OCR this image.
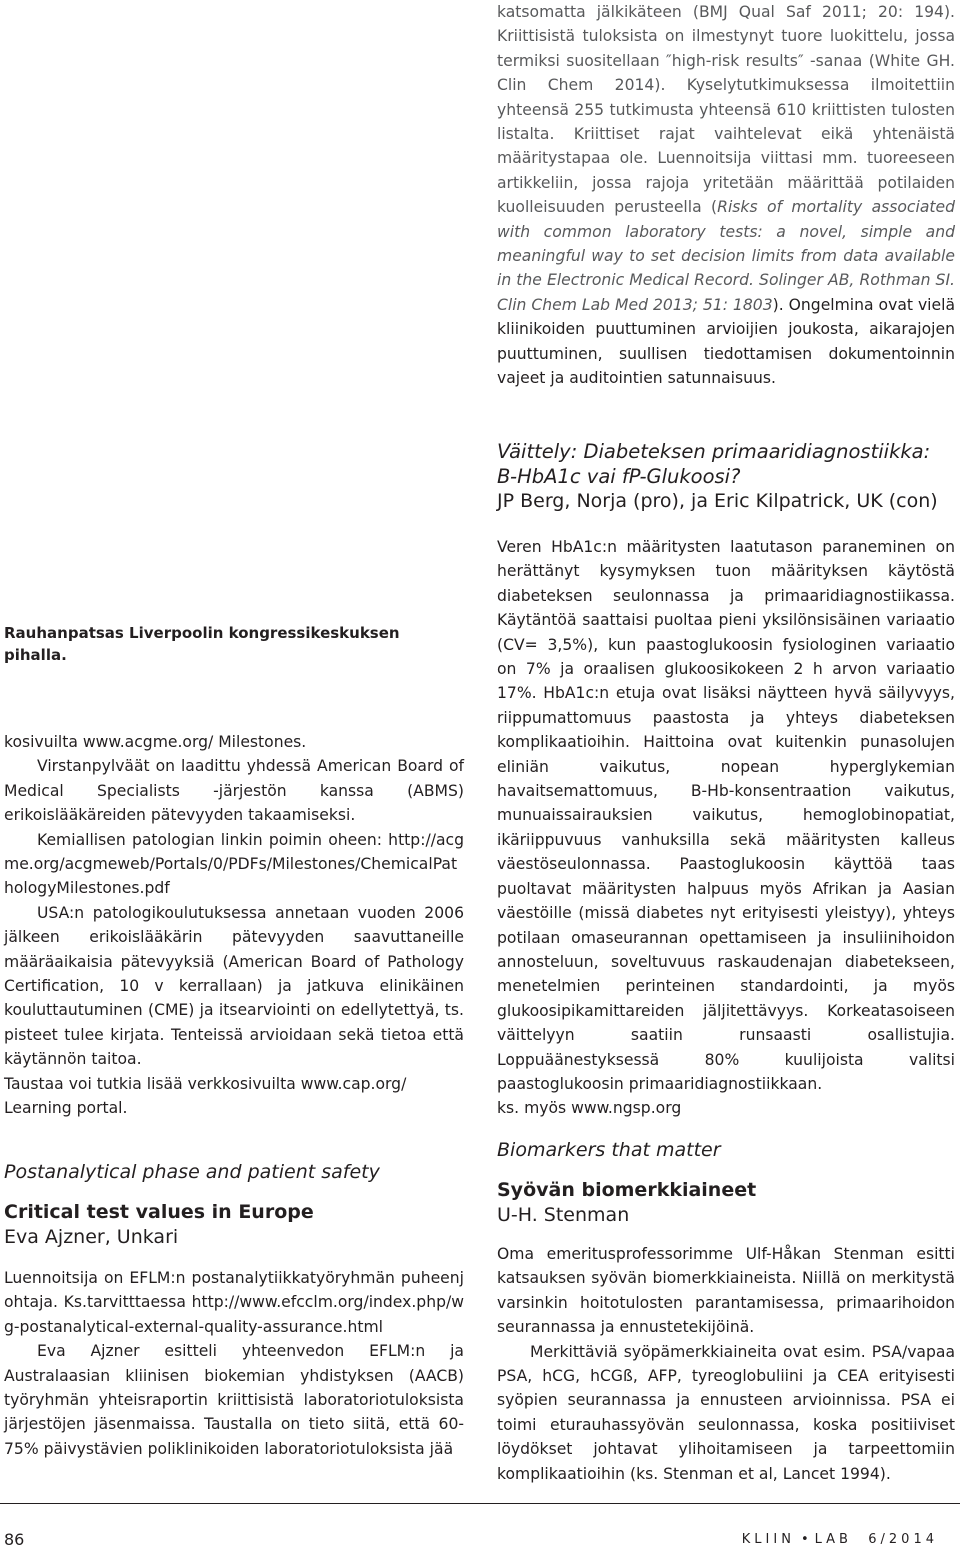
Rauhanpatsas Liverpoolin kongressikeskuksen pihalla.

kosivuilta www.acgme.org/ Milestones.

Virstanpylväät on laadittu yhdessä American Board of Medical Specialists -järjestön kanssa (ABMS) erikoislääkäreiden pätevyyden takaamiseksi.

Kemiallisen patologian linkin poimin oheen: http://acgme.org/acgmeweb/Portals/0/PDFs/Milestones/ChemicalPathologyMilestones.pdf

USA:n patologikoulutuksessa annetaan vuoden 2006 jälkeen erikoislääkärin pätevyyden saavuttaneille määräaikaisia pätevyyksiä (American Board of Pathology Certification, 10 v kerrallaan) ja jatkuva elinikäinen kouluttautuminen (CME) ja itsearviointi on edellytettyä, ts. pisteet tulee kirjata. Tenteissä arvioidaan sekä tietoa että käytännön taitoa.

Taustaa voi tutkia lisää verkkosivuilta www.cap.org/ Learning portal.

Postanalytical phase and patient safety
Critical test values in Europe
Eva Ajzner, Unkari

Luennoitsija on EFLM:n postanalytiikkatyöryhmän puheenjohtaja. Ks.tarvitttaessa http://www.efcclm.org/index.php/wg-postanalytical-external-quality-assurance.html

Eva Ajzner esitteli yhteenvedon EFLM:n ja Australaasian kliinisen biokemian yhdistyksen (AACB) työryhmän yhteisraportin kriittisistä laboratoriotuloksista järjestöjen jäsenmaissa. Taustalla on tieto siitä, että 60-75% päivystävien poliklinikoiden laboratoriotuloksista jää

katsomatta jälkikäteen (BMJ Qual Saf 2011; 20: 194). Kriittisistä tuloksista on ilmestynyt tuore luokittelu, jossa termiksi suositellaan ″high-risk results″ -sanaa (White GH. Clin Chem 2014). Kyselytutkimuksessa ilmoitettiin yhteensä 255 tutkimusta yhteensä 610 kriittisten tulosten listalta. Kriittiset rajat vaihtelevat eikä yhtenäistä määritystapaa ole. Luennoitsija viittasi mm. tuoreeseen artikkeliin, jossa rajoja yritetään määrittää potilaiden kuolleisuuden perusteella (Risks of mortality associated with common laboratory tests: a novel, simple and meaningful way to set decision limits from data available in the Electronic Medical Record. Solinger AB, Rothman SI. Clin Chem Lab Med 2013; 51: 1803). Ongelmina ovat vielä kliinikoiden puuttuminen arvioijien joukosta, aikarajojen puuttuminen, suullisen tiedottamisen dokumentoinnin vajeet ja auditointien satunnaisuus.

Väittely: Diabeteksen primaaridiagnostiikka: B-HbA1c vai fP-Glukoosi?
JP Berg, Norja (pro), ja Eric Kilpatrick, UK (con)

Veren HbA1c:n määritysten laatutason paraneminen on herättänyt kysymyksen tuon määrityksen käytöstä diabeteksen seulonnassa ja primaaridiagnostiikassa. Käytäntöä saattaisi puoltaa pieni yksilönsisäinen variaatio (CV= 3,5%), kun paastoglukoosin fysiologinen variaatio on 7% ja oraalisen glukoosikokeen 2 h arvon variaatio 17%. HbA1c:n etuja ovat lisäksi näytteen hyvä säilyvyys, riippumattomuus paastosta ja yhteys diabeteksen komplikaatioihin. Haittoina ovat kuitenkin punasolujen eliniän vaikutus, nopean hyperglykemian havaitsemattomuus, B-Hb-konsentraation vaikutus, munuaissairauksien vaikutus, hemoglobinopatiat, ikäriippuvuus vanhuksilla sekä määritysten kalleus väestöseulonnassa. Paastoglukoosin käyttöä taas puoltavat määritysten halpuus myös Afrikan ja Aasian väestöille (missä diabetes nyt erityisesti yleistyy), yhteys potilaan omaseurannan opettamiseen ja insuliinihoidon annosteluun, soveltuvuus raskaudenajan diabetekseen, menetelmien perinteinen standardointi, ja myös glukoosipikamittareiden jäljitettävyys. Korkeatasoiseen väittelyyn saatiin runsaasti osallistujia. Loppuäänestyksessä 80% kuulijoista valitsi paastoglukoosin primaaridiagnostiikkaan.

ks. myös www.ngsp.org

Biomarkers that matter
Syövän biomerkkiaineet
U-H. Stenman

Oma emeritusprofessorimme Ulf-Håkan Stenman esitti katsauksen syövän biomerkkiaineista. Niillä on merkitystä varsinkin hoitotulosten parantamisessa, primaarihoidon seurannassa ja ennustetekijöinä.

Merkittäviä syöpämerkkiaineita ovat esim. PSA/vapaa PSA, hCG, hCGß, AFP, tyreoglobuliini ja CEA erityisesti syöpien seurannassa ja ennusteen arvioinnissa. PSA ei toimi eturauhassyövän seulonnassa, koska positiiviset löydökset johtavat ylihoitamiseen ja tarpeettomiin komplikaatioihin (ks. Stenman et al, Lancet 1994).

86	KLIIN • LAB 6/2014
